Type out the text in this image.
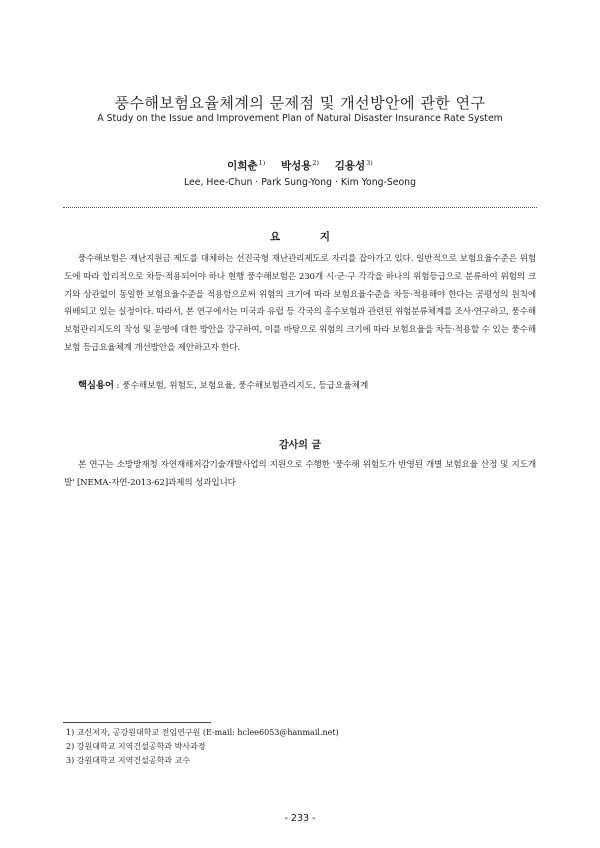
풍수해보험요율체계의 문제점 및 개선방안에 관한 연구
A Study on the Issue and Improvement Plan of Natural Disaster Insurance Rate System
이희춘$^{1)}$ 박성용$^{2)}$ 김용성$^{3)}$
Lee, Hee-Chun · Park Sung-Yong · Kim Yong-Seong
요 지

풍수해보험은 재난지원금 제도를 대체하는 선진국형 재난관리제도로 자리를 잡아가고 있다. 일반적으로 보험요율수준은 위험도에 따라 합리적으로 차등·적용되어야 하나 현행 풍수해보험은 230개 시·군·구 각각을 하나의 위험등급으로 분류하여 위험의 크기와 상관없이 동일한 보험요율수준을 적용함으로써 위험의 크기에 따라 보험요율수준을 차등·적용해야 한다는 공평성의 원칙에 위배되고 있는 실정이다. 따라서, 본 연구에서는 미국과 유럽 등 각국의 홍수보험과 관련된 위험분류체계를 조사·연구하고, 풍수해보험관리지도의 작성 및 운영에 대한 방안을 강구하여, 이를 바탕으로 위험의 크기에 따라 보험요율을 차등·적용할 수 있는 풍수해보험 등급요율체계 개선방안을 제안하고자 한다.

핵심용어 : 풍수해보험, 위험도, 보험요율, 풍수해보험관리지도, 등급요율체계
감사의 글

본 연구는 소방방재청 자연재해저감기술개발사업의 지원으로 수행한 '풍수해 위험도가 반영된 개별 보험요율 산정 및 지도개발' [NEMA-자연-2013-62]과제의 성과입니다

1) 교신저자, 공강원대학교 전임연구원 (E-mail: hclee6053@hanmail.net)
2) 강원대학교 지역건설공학과 박사과정
3) 강원대학교 지역건설공학과 교수
- 233 -
